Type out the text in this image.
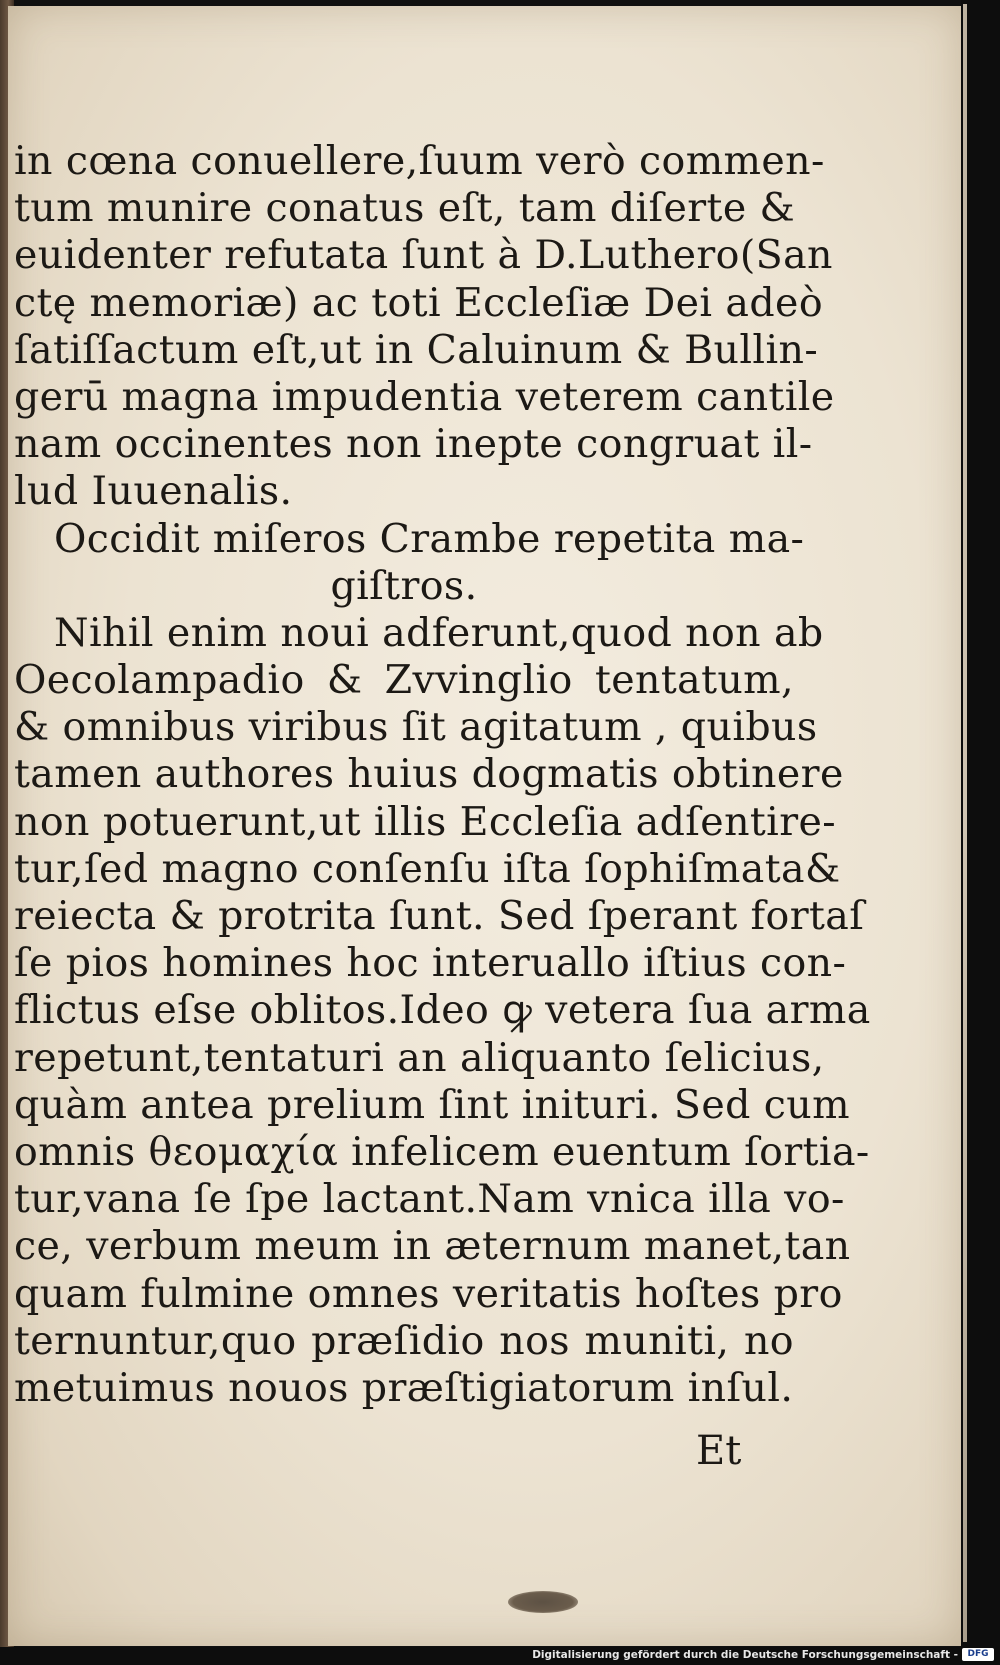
in cœna conuellere,ſuum verò commen-
tum munire conatus eſt, tam diſerte &
euidenter refutata ſunt à D.Luthero(San
ctę memoriæ) ac toti Eccleſiæ Dei adeò
ſatiſſactum eſt,ut in Caluinum & Bullin-
gerū magna impudentia veterem cantile
nam occinentes non inepte congruat il-
lud Iuuenalis.
Occidit miſeros Crambe repetita ma-
giſtros.
Nihil enim noui adferunt,quod non ab
Oecolampadio & Zvvinglio tentatum,
& omnibus viribus ſit agitatum , quibus
tamen authores huius dogmatis obtinere
non potuerunt,ut illis Eccleſia adſentire-
tur,ſed magno conſenſu iſta ſophiſmata&
reiecta & protrita ſunt. Sed ſperant fortaſ
ſe pios homines hoc interuallo iſtius con-
flictus eſse oblitos.Ideo ꝙ vetera ſua arma
repetunt,tentaturi an aliquanto ſelicius,
quàm antea prelium ſint inituri. Sed cum
omnis θεομαχία infelicem euentum ſortia-
tur,vana ſe ſpe lactant.Nam vnica illa vo-
ce, verbum meum in æternum manet,tan
quam fulmine omnes veritatis hoſtes pro
ternuntur,quo præſidio nos muniti, no
metuimus nouos præſtigiatorum inſul.
Et
Digitalisierung gefördert durch die Deutsche Forschungsgemeinschaft -	DFG
